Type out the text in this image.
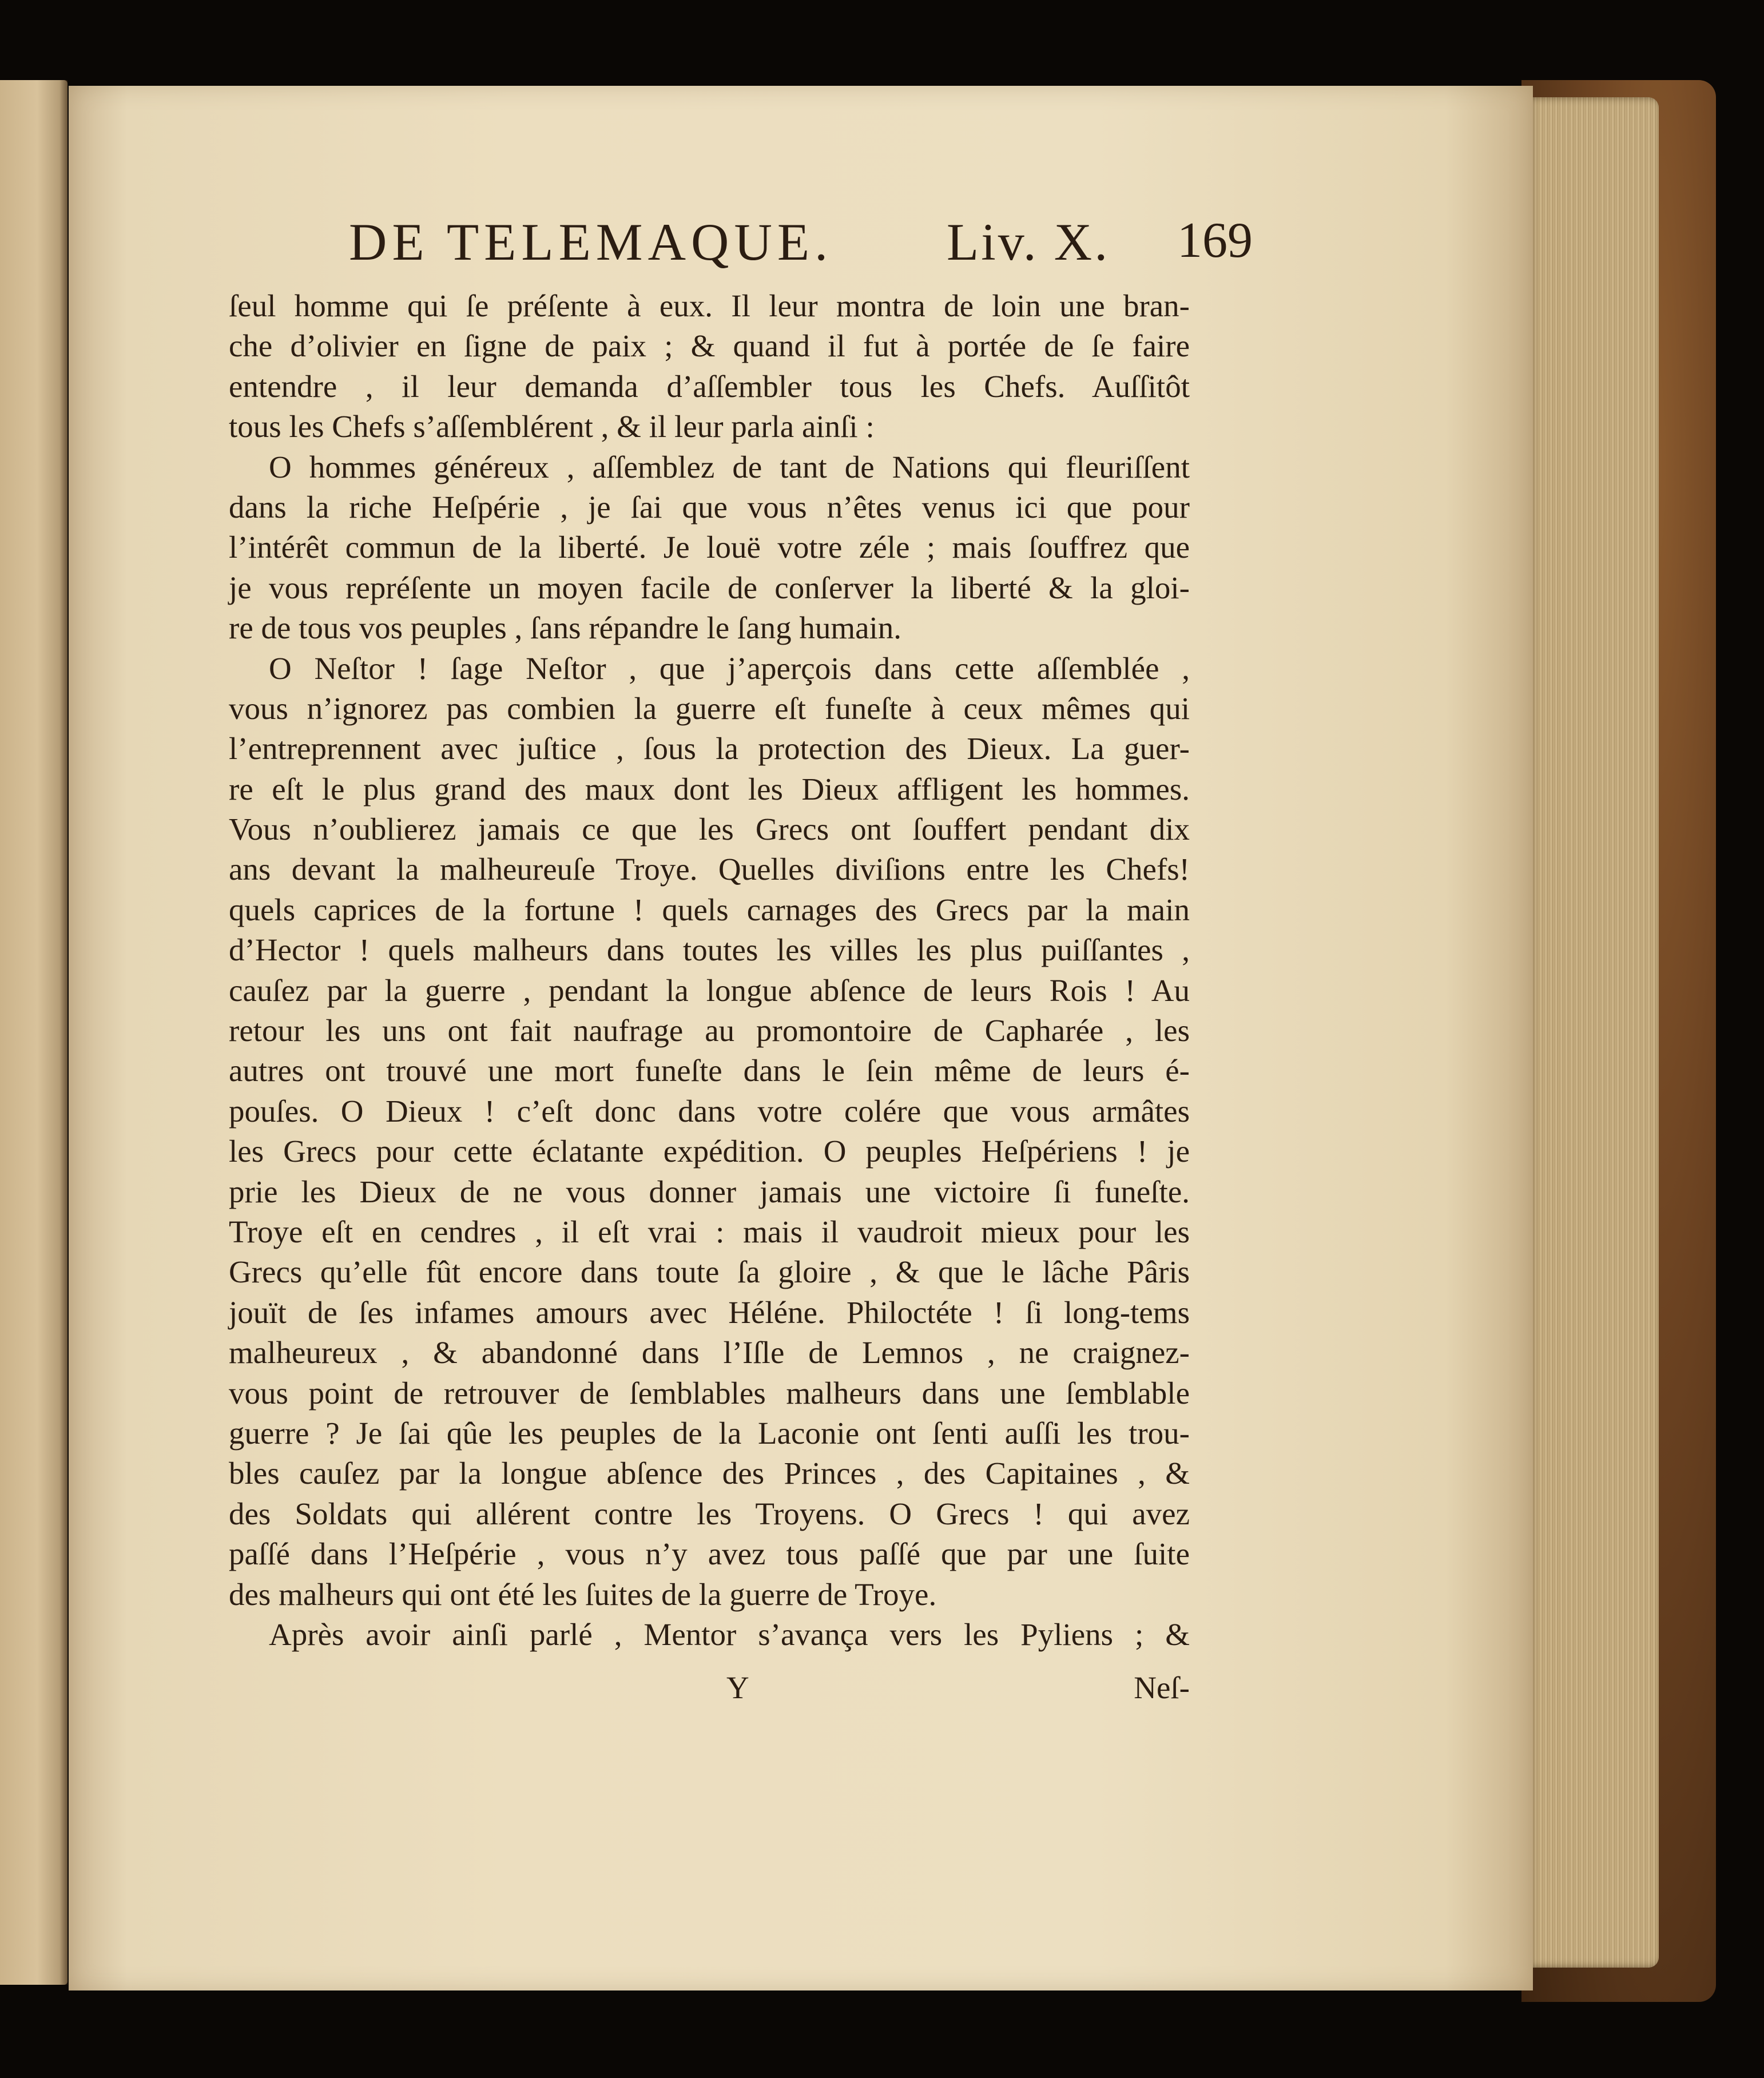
DE TELEMAQUE. Liv. X. 169
ſeul homme qui ſe préſente à eux. Il leur montra de loin une bran-
che d’olivier en ſigne de paix ; & quand il fut à portée de ſe faire
entendre , il leur demanda d’aſſembler tous les Chefs. Auſſitôt
tous les Chefs s’aſſemblérent , & il leur parla ainſi :
O hommes généreux , aſſemblez de tant de Nations qui fleuriſſent
dans la riche Heſpérie , je ſai que vous n’êtes venus ici que pour
l’intérêt commun de la liberté. Je louë votre zéle ; mais ſouffrez que
je vous repréſente un moyen facile de conſerver la liberté & la gloi-
re de tous vos peuples , ſans répandre le ſang humain.
O Neſtor ! ſage Neſtor , que j’aperçois dans cette aſſemblée ,
vous n’ignorez pas combien la guerre eſt funeſte à ceux mêmes qui
l’entreprennent avec juſtice , ſous la protection des Dieux. La guer-
re eſt le plus grand des maux dont les Dieux affligent les hommes.
Vous n’oublierez jamais ce que les Grecs ont ſouffert pendant dix
ans devant la malheureuſe Troye. Quelles diviſions entre les Chefs!
quels caprices de la fortune ! quels carnages des Grecs par la main
d’Hector ! quels malheurs dans toutes les villes les plus puiſſantes ,
cauſez par la guerre , pendant la longue abſence de leurs Rois ! Au
retour les uns ont fait naufrage au promontoire de Capharée , les
autres ont trouvé une mort funeſte dans le ſein même de leurs é-
pouſes. O Dieux ! c’eſt donc dans votre colére que vous armâtes
les Grecs pour cette éclatante expédition. O peuples Heſpériens ! je
prie les Dieux de ne vous donner jamais une victoire ſi funeſte.
Troye eſt en cendres , il eſt vrai : mais il vaudroit mieux pour les
Grecs qu’elle fût encore dans toute ſa gloire , & que le lâche Pâris
jouït de ſes infames amours avec Héléne. Philoctéte ! ſi long-tems
malheureux , & abandonné dans l’Iſle de Lemnos , ne craignez-
vous point de retrouver de ſemblables malheurs dans une ſemblable
guerre ? Je ſai qûe les peuples de la Laconie ont ſenti auſſi les trou-
bles cauſez par la longue abſence des Princes , des Capitaines , &
des Soldats qui allérent contre les Troyens. O Grecs ! qui avez
paſſé dans l’Heſpérie , vous n’y avez tous paſſé que par une ſuite
des malheurs qui ont été les ſuites de la guerre de Troye.
Après avoir ainſi parlé , Mentor s’avança vers les Pyliens ; &
Y	Neſ-
